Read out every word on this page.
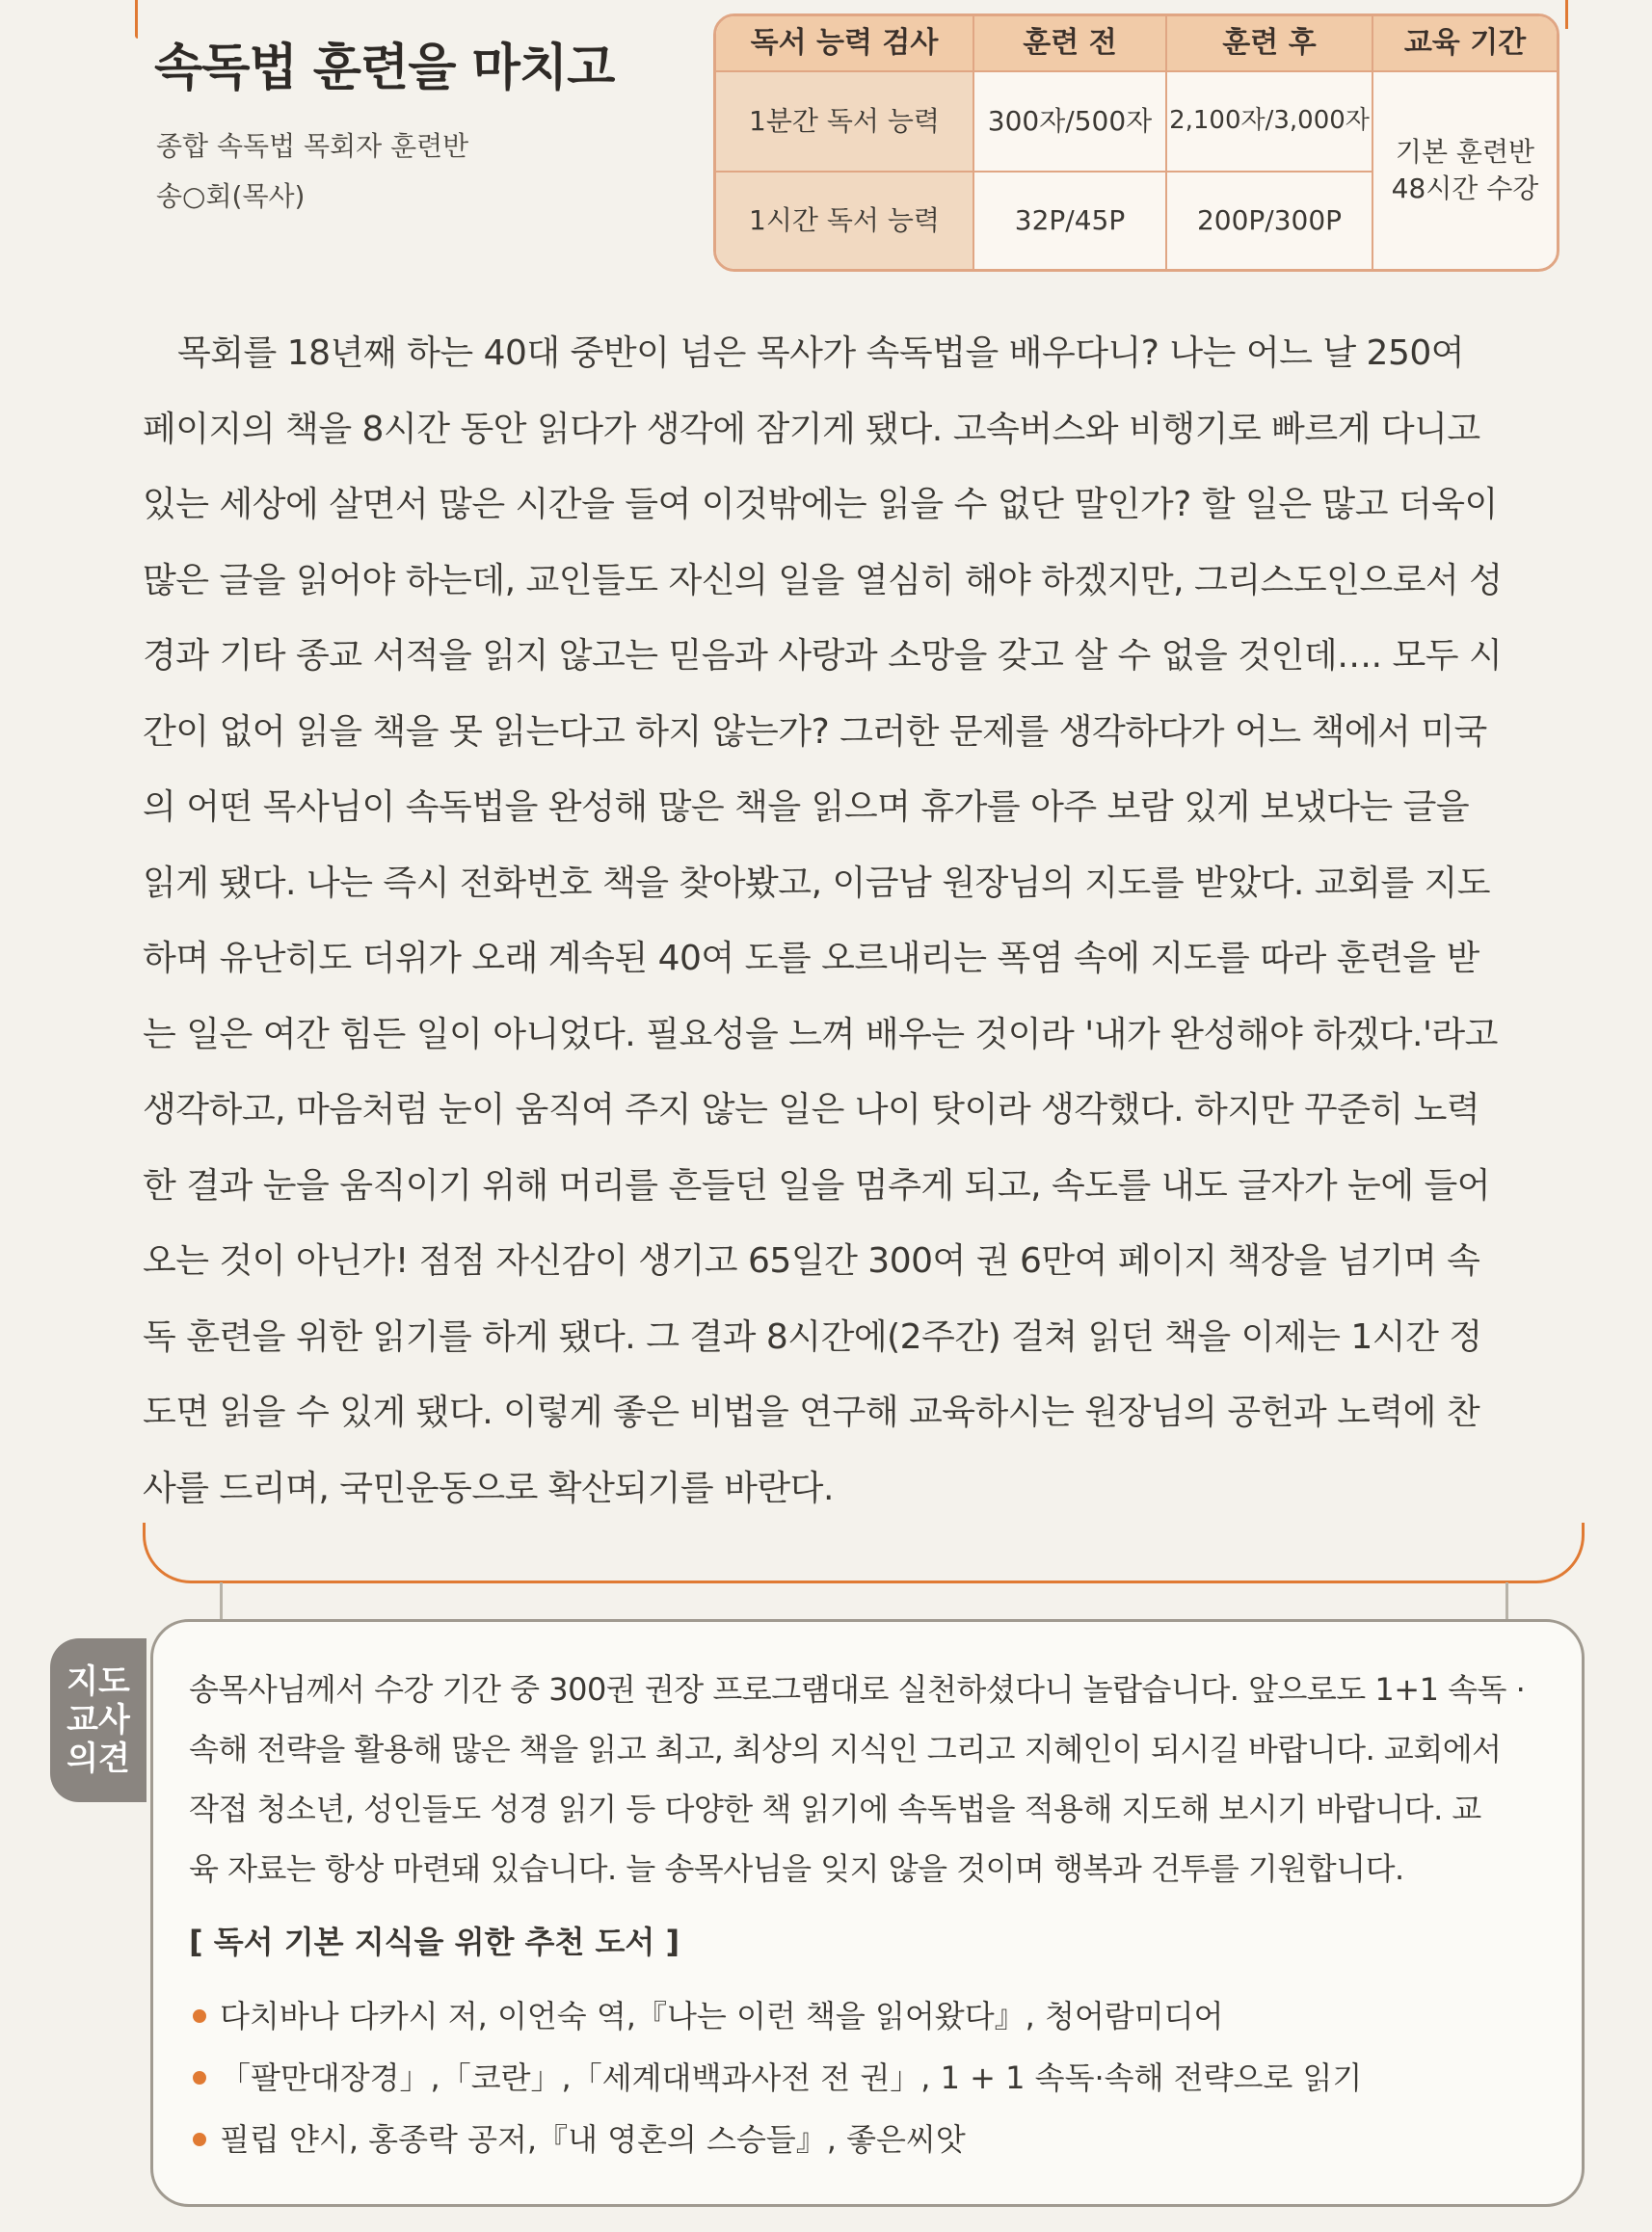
속독법 훈련을 마치고
종합 속독법 목회자 훈련반
송○회(목사)
독서 능력 검사	훈련 전	훈련 후	교육 기간
1분간 독서 능력	300자/500자 2,100자/3,000자
1시간 독서 능력	32P/45P	200P/300P
기본 훈련반
48시간 수강
목회를 18년째 하는 40대 중반이 넘은 목사가 속독법을 배우다니? 나는 어느 날 250여
페이지의 책을 8시간 동안 읽다가 생각에 잠기게 됐다. 고속버스와 비행기로 빠르게 다니고
있는 세상에 살면서 많은 시간을 들여 이것밖에는 읽을 수 없단 말인가? 할 일은 많고 더욱이
많은 글을 읽어야 하는데, 교인들도 자신의 일을 열심히 해야 하겠지만, 그리스도인으로서 성
경과 기타 종교 서적을 읽지 않고는 믿음과 사랑과 소망을 갖고 살 수 없을 것인데…. 모두 시
간이 없어 읽을 책을 못 읽는다고 하지 않는가? 그러한 문제를 생각하다가 어느 책에서 미국
의 어떤 목사님이 속독법을 완성해 많은 책을 읽으며 휴가를 아주 보람 있게 보냈다는 글을
읽게 됐다. 나는 즉시 전화번호 책을 찾아봤고, 이금남 원장님의 지도를 받았다. 교회를 지도
하며 유난히도 더위가 오래 계속된 40여 도를 오르내리는 폭염 속에 지도를 따라 훈련을 받
는 일은 여간 힘든 일이 아니었다. 필요성을 느껴 배우는 것이라 '내가 완성해야 하겠다.'라고
생각하고, 마음처럼 눈이 움직여 주지 않는 일은 나이 탓이라 생각했다. 하지만 꾸준히 노력
한 결과 눈을 움직이기 위해 머리를 흔들던 일을 멈추게 되고, 속도를 내도 글자가 눈에 들어
오는 것이 아닌가! 점점 자신감이 생기고 65일간 300여 권 6만여 페이지 책장을 넘기며 속
독 훈련을 위한 읽기를 하게 됐다. 그 결과 8시간에(2주간) 걸쳐 읽던 책을 이제는 1시간 정
도면 읽을 수 있게 됐다. 이렇게 좋은 비법을 연구해 교육하시는 원장님의 공헌과 노력에 찬
사를 드리며, 국민운동으로 확산되기를 바란다.
지도
교사
의견
송목사님께서 수강 기간 중 300권 권장 프로그램대로 실천하셨다니 놀랍습니다. 앞으로도 1+1 속독 ·
속해 전략을 활용해 많은 책을 읽고 최고, 최상의 지식인 그리고 지혜인이 되시길 바랍니다. 교회에서
작접 청소년, 성인들도 성경 읽기 등 다양한 책 읽기에 속독법을 적용해 지도해 보시기 바랍니다. 교
육 자료는 항상 마련돼 있습니다. 늘 송목사님을 잊지 않을 것이며 행복과 건투를 기원합니다.
[ 독서 기본 지식을 위한 추천 도서 ]
다치바나 다카시 저, 이언숙 역,『나는 이런 책을 읽어왔다』, 청어람미디어
「팔만대장경」,「코란」,「세계대백과사전 전 권」, 1 + 1 속독·속해 전략으로 읽기
필립 얀시, 홍종락 공저,『내 영혼의 스승들』, 좋은씨앗
